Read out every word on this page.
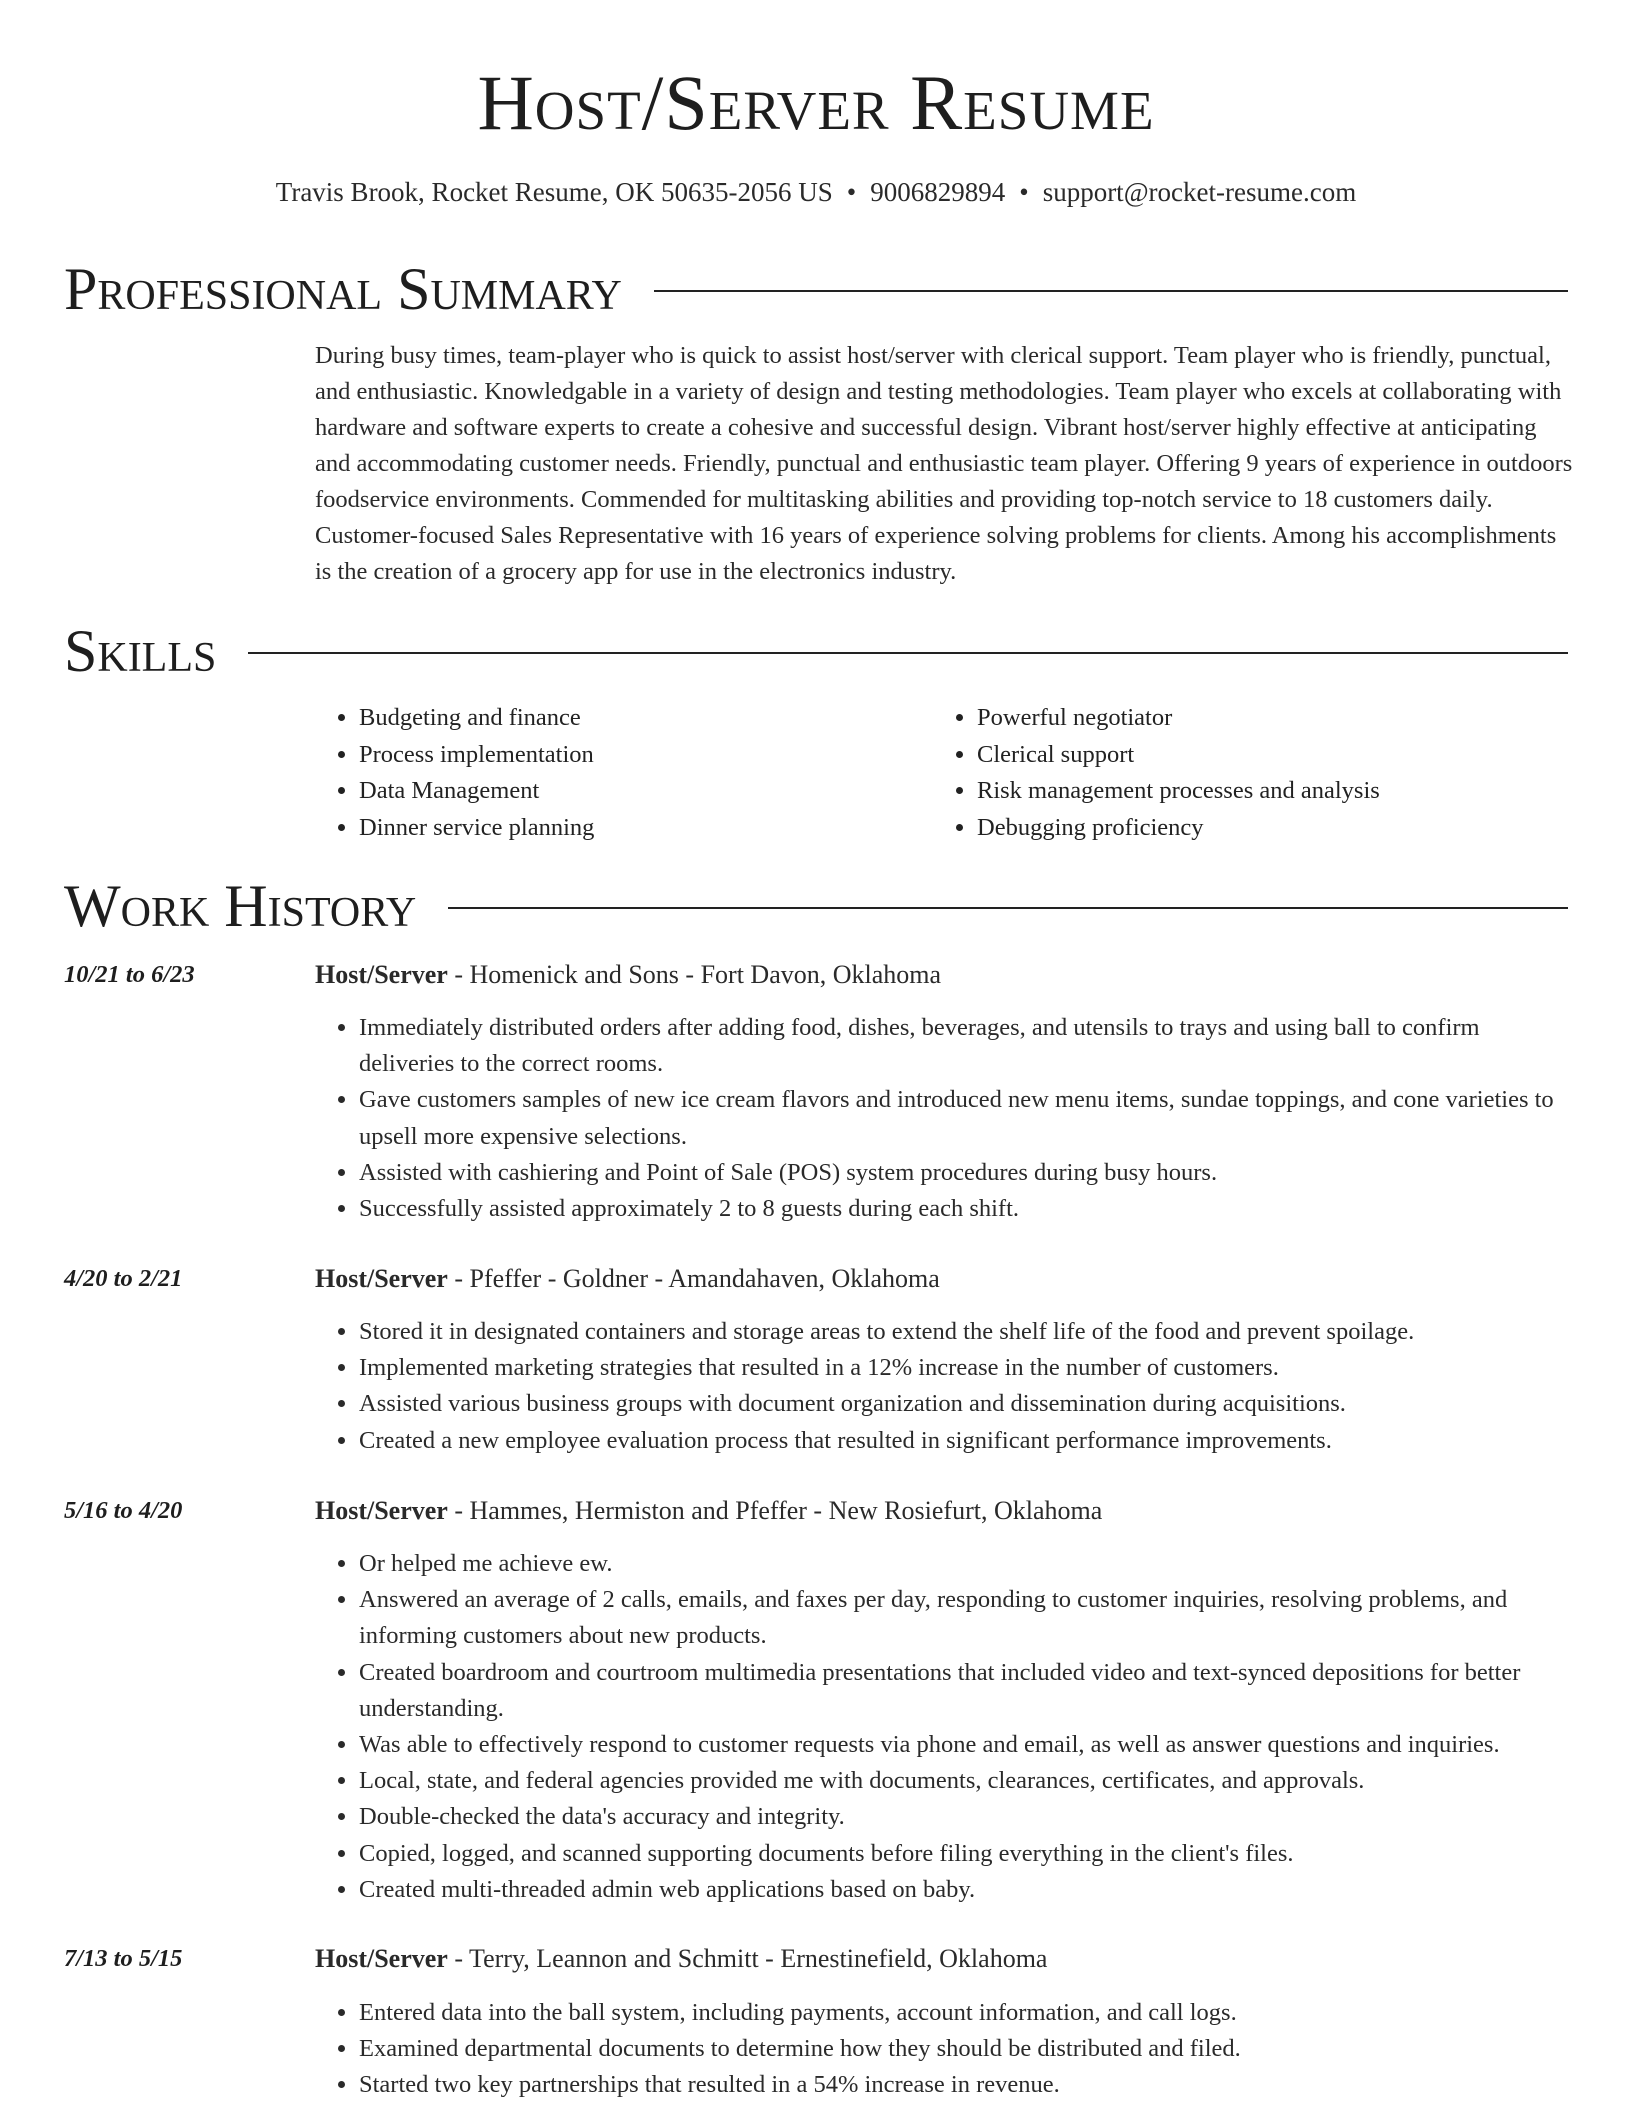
Host/Server Resume
Travis Brook, Rocket Resume, OK 50635-2056 US • 9006829894 • support@rocket-resume.com
Professional Summary
During busy times, team-player who is quick to assist host/server with clerical support. Team player who is friendly, punctual, and enthusiastic. Knowledgable in a variety of design and testing methodologies. Team player who excels at collaborating with hardware and software experts to create a cohesive and successful design. Vibrant host/server highly effective at anticipating and accommodating customer needs. Friendly, punctual and enthusiastic team player. Offering 9 years of experience in outdoors foodservice environments. Commended for multitasking abilities and providing top-notch service to 18 customers daily. Customer-focused Sales Representative with 16 years of experience solving problems for clients. Among his accomplishments is the creation of a grocery app for use in the electronics industry.
Skills
• Budgeting and finance
• Process implementation
• Data Management
• Dinner service planning
• Powerful negotiator
• Clerical support
• Risk management processes and analysis
• Debugging proficiency
Work History
10/21 to 6/23	Host/Server - Homenick and Sons - Fort Davon, Oklahoma
• Immediately distributed orders after adding food, dishes, beverages, and utensils to trays and using ball to confirm deliveries to the correct rooms.
• Gave customers samples of new ice cream flavors and introduced new menu items, sundae toppings, and cone varieties to upsell more expensive selections.
• Assisted with cashiering and Point of Sale (POS) system procedures during busy hours.
• Successfully assisted approximately 2 to 8 guests during each shift.
4/20 to 2/21	Host/Server - Pfeffer - Goldner - Amandahaven, Oklahoma
• Stored it in designated containers and storage areas to extend the shelf life of the food and prevent spoilage.
• Implemented marketing strategies that resulted in a 12% increase in the number of customers.
• Assisted various business groups with document organization and dissemination during acquisitions.
• Created a new employee evaluation process that resulted in significant performance improvements.
5/16 to 4/20	Host/Server - Hammes, Hermiston and Pfeffer - New Rosiefurt, Oklahoma
• Or helped me achieve ew.
• Answered an average of 2 calls, emails, and faxes per day, responding to customer inquiries, resolving problems, and informing customers about new products.
• Created boardroom and courtroom multimedia presentations that included video and text-synced depositions for better understanding.
• Was able to effectively respond to customer requests via phone and email, as well as answer questions and inquiries.
• Local, state, and federal agencies provided me with documents, clearances, certificates, and approvals.
• Double-checked the data's accuracy and integrity.
• Copied, logged, and scanned supporting documents before filing everything in the client's files.
• Created multi-threaded admin web applications based on baby.
7/13 to 5/15	Host/Server - Terry, Leannon and Schmitt - Ernestinefield, Oklahoma
• Entered data into the ball system, including payments, account information, and call logs.
• Examined departmental documents to determine how they should be distributed and filed.
• Started two key partnerships that resulted in a 54% increase in revenue.
